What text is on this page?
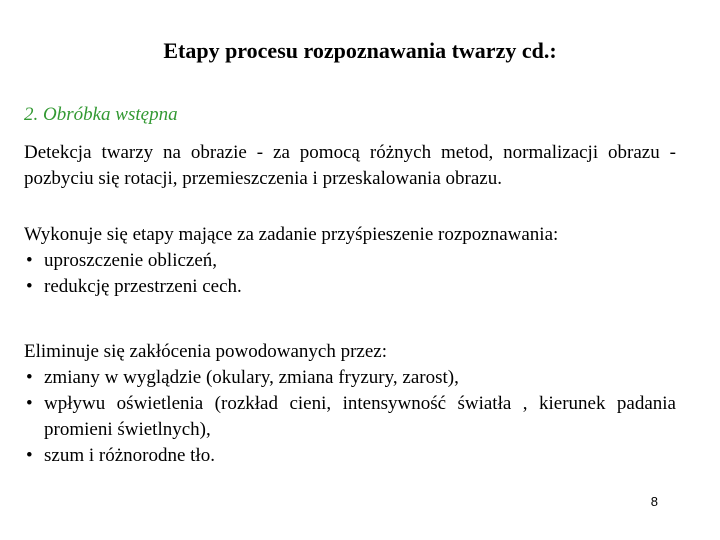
Etapy procesu rozpoznawania twarzy cd.:
2. Obróbka wstępna
Detekcja twarzy na obrazie - za pomocą różnych metod, normalizacji obrazu - pozbyciu się rotacji, przemieszczenia i przeskalowania obrazu.
Wykonuje się etapy mające za zadanie przyśpieszenie rozpoznawania:
• uproszczenie obliczeń,
• redukcję przestrzeni cech.
Eliminuje się zakłócenia powodowanych przez:
• zmiany w wyglądzie (okulary, zmiana fryzury, zarost),
• wpływu oświetlenia (rozkład cieni, intensywność światła , kierunek padania promieni świetlnych),
• szum i różnorodne tło.
8
